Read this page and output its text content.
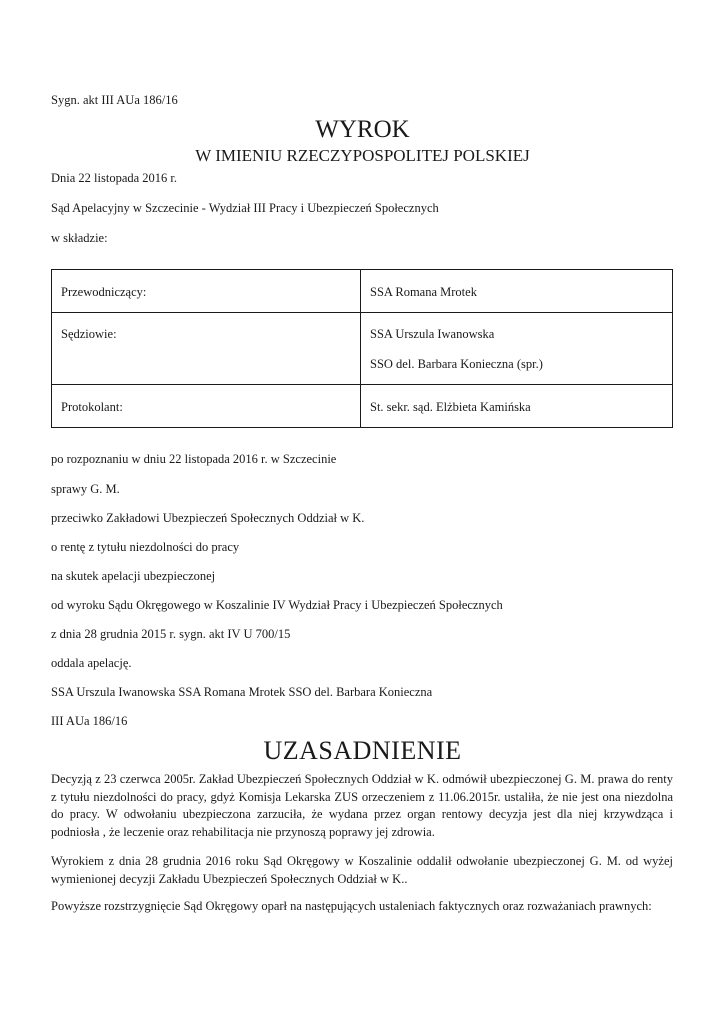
Sygn. akt III AUa 186/16
WYROK
W IMIENIU RZECZYPOSPOLITEJ POLSKIEJ
Dnia 22 listopada 2016 r.
Sąd Apelacyjny w Szczecinie - Wydział III Pracy i Ubezpieczeń Społecznych
w składzie:
Przewodniczący:	SSA Romana Mrotek

Sędziowie:	SSA Urszula Iwanowska
SSO del. Barbara Konieczna (spr.)

Protokolant:	St. sekr. sąd. Elżbieta Kamińska
po rozpoznaniu w dniu 22 listopada 2016 r. w Szczecinie
sprawy G. M.
przeciwko Zakładowi Ubezpieczeń Społecznych Oddział w K.
o rentę z tytułu niezdolności do pracy
na skutek apelacji ubezpieczonej
od wyroku Sądu Okręgowego w Koszalinie IV Wydział Pracy i Ubezpieczeń Społecznych
z dnia 28 grudnia 2015 r. sygn. akt IV U 700/15
oddala apelację.
SSA Urszula Iwanowska SSA Romana Mrotek SSO del. Barbara Konieczna
III AUa 186/16
UZASADNIENIE
Decyzją z 23 czerwca 2005r. Zakład Ubezpieczeń Społecznych Oddział w K. odmówił ubezpieczonej G. M. prawa do renty z tytułu niezdolności do pracy, gdyż Komisja Lekarska ZUS orzeczeniem z 11.06.2015r. ustaliła, że nie jest ona niezdolna do pracy. W odwołaniu ubezpieczona zarzuciła, że wydana przez organ rentowy decyzja jest dla niej krzywdząca i podniosła , że leczenie oraz rehabilitacja nie przynoszą poprawy jej zdrowia.
Wyrokiem z dnia 28 grudnia 2016 roku Sąd Okręgowy w Koszalinie oddalił odwołanie ubezpieczonej G. M. od wyżej wymienionej decyzji Zakładu Ubezpieczeń Społecznych Oddział w K..
Powyższe rozstrzygnięcie Sąd Okręgowy oparł na następujących ustaleniach faktycznych oraz rozważaniach prawnych:
